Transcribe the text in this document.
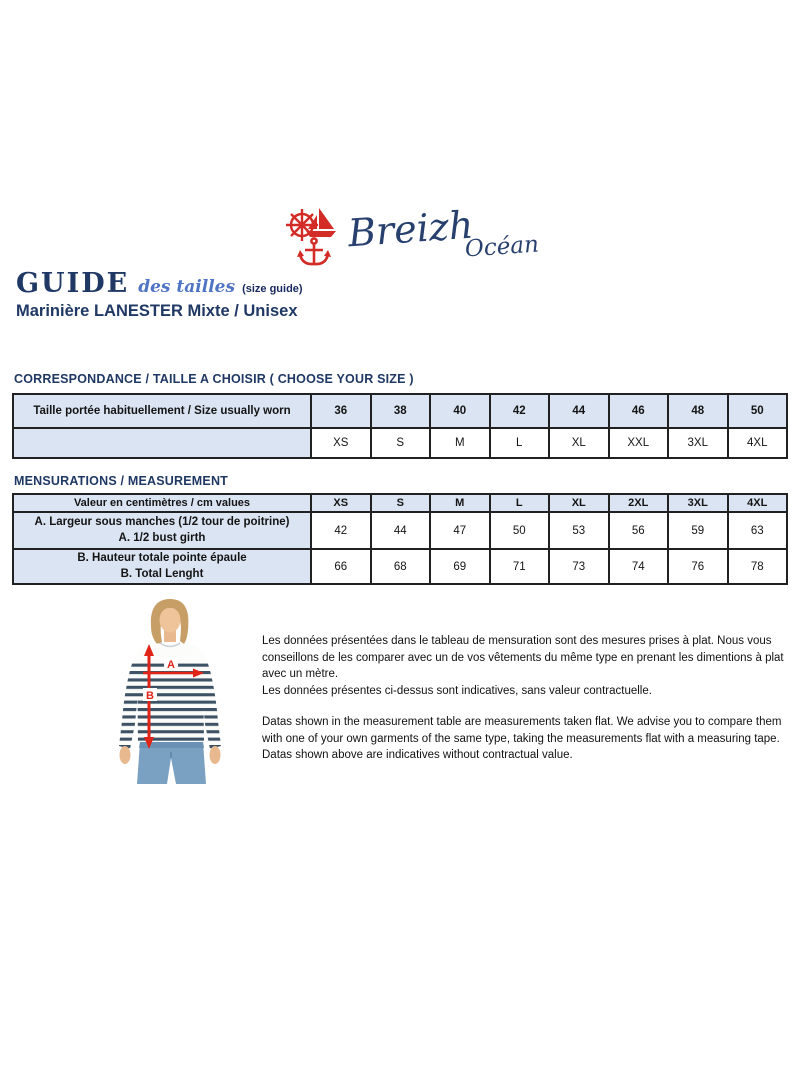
Breizh
Océan
GUIDE des tailles (size guide)
Marinière LANESTER Mixte / Unisex
CORRESPONDANCE / TAILLE A CHOISIR ( CHOOSE YOUR SIZE )
Taille portée habituellement / Size usually worn	36	38	40	42	44	46	48	50
	XS	S	M	L	XL	XXL	3XL	4XL
MENSURATIONS / MEASUREMENT
Valeur en centimètres / cm values	XS	S	M	L	XL	2XL	3XL	4XL

A. Largeur sous manches (1/2 tour de poitrine)
A. 1/2 bust girth	42	44	47	50	53	56	59	63

B. Hauteur totale pointe épaule
B. Total Lenght	66	68	69	71	73	74	76	78
A
B

Les données présentées dans le tableau de mensuration sont des mesures prises à plat. Nous vous conseillons de les comparer avec un de vos vêtements du même type en prenant les dimentions à plat avec un mètre.

Les données présentes ci-dessus sont indicatives, sans valeur contractuelle.

Datas shown in the measurement table are measurements taken flat. We advise you to compare them with one of your own garments of the same type, taking the measurements flat with a measuring tape.

Datas shown above are indicatives without contractual value.
